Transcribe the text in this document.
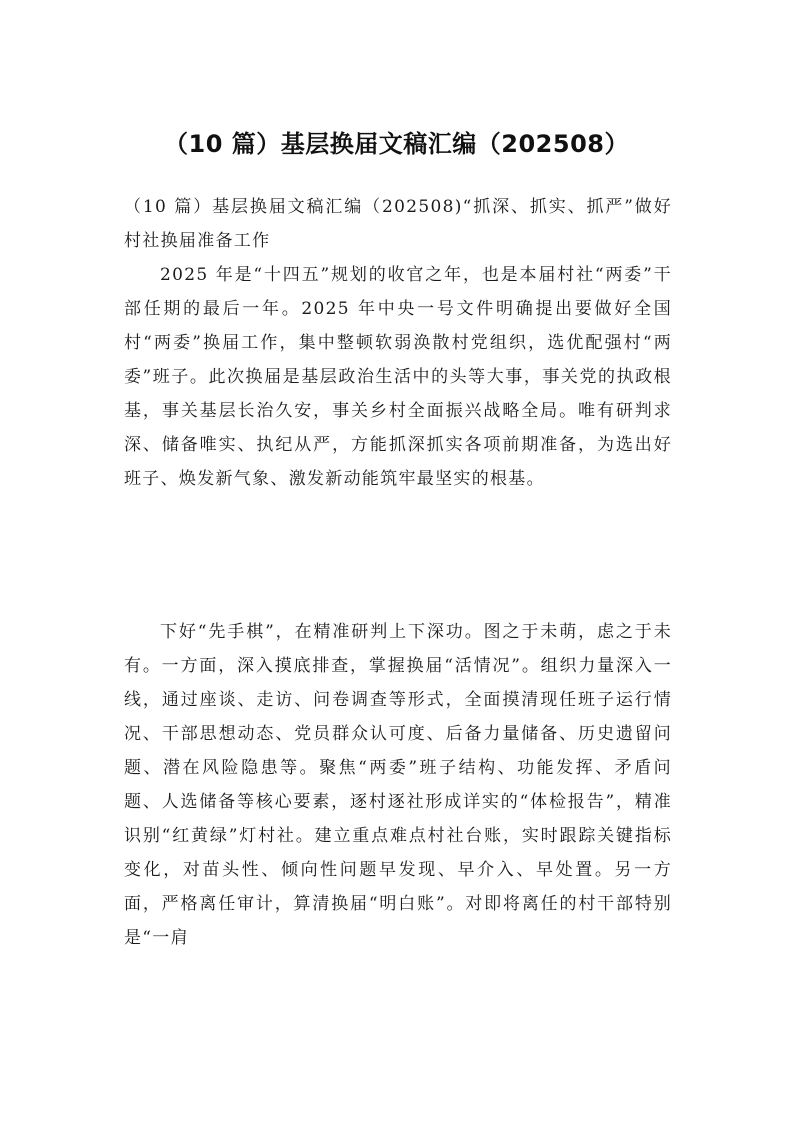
（10 篇）基层换届文稿汇编（202508）

（10 篇）基层换届文稿汇编（202508)“抓深、抓实、抓严”做好村社换届准备工作

2025 年是“十四五”规划的收官之年，也是本届村社“两委”干部任期的最后一年。2025 年中央一号文件明确提出要做好全国村“两委”换届工作，集中整顿软弱涣散村党组织，选优配强村“两委”班子。此次换届是基层政治生活中的头等大事，事关党的执政根基，事关基层长治久安，事关乡村全面振兴战略全局。唯有研判求深、储备唯实、执纪从严，方能抓深抓实各项前期准备，为选出好班子、焕发新气象、激发新动能筑牢最坚实的根基。

下好“先手棋”，在精准研判上下深功。图之于未萌，虑之于未有。一方面，深入摸底排查，掌握换届“活情况”。组织力量深入一线，通过座谈、走访、问卷调查等形式，全面摸清现任班子运行情况、干部思想动态、党员群众认可度、后备力量储备、历史遗留问题、潜在风险隐患等。聚焦“两委”班子结构、功能发挥、矛盾问题、人选储备等核心要素，逐村逐社形成详实的“体检报告”，精准识别“红黄绿”灯村社。建立重点难点村社台账，实时跟踪关键指标变化，对苗头性、倾向性问题早发现、早介入、早处置。另一方面，严格离任审计，算清换届“明白账”。对即将离任的村干部特别是“一肩
